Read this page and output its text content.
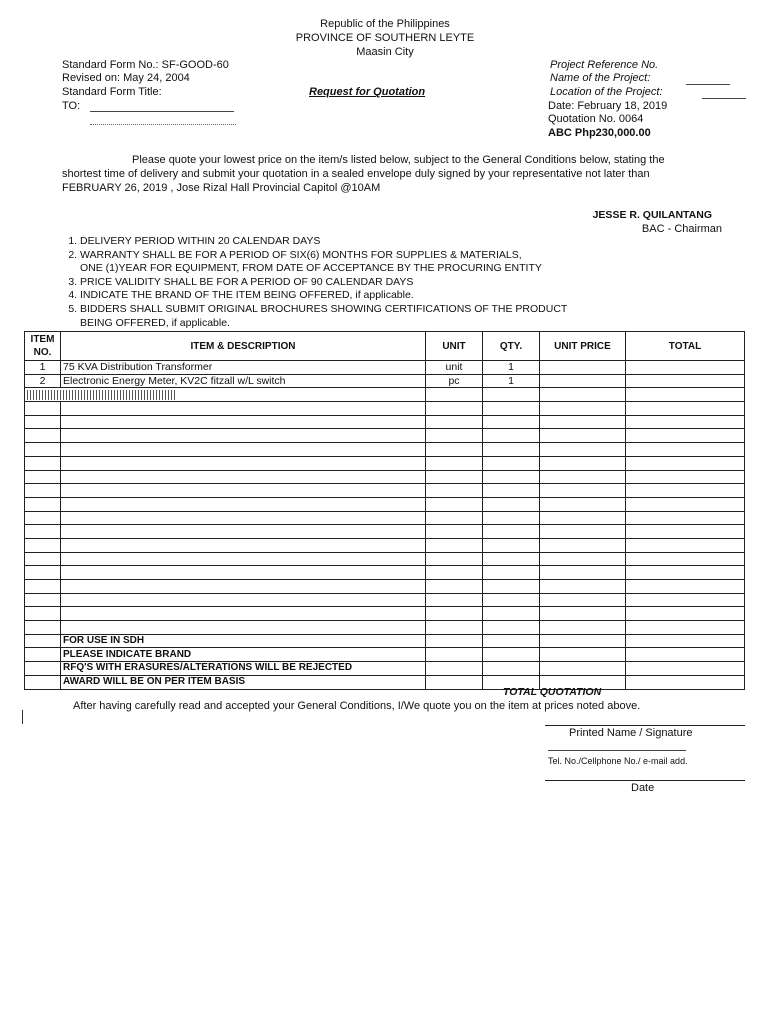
Republic of the Philippines
PROVINCE OF SOUTHERN LEYTE
Maasin City
Standard Form No.: SF-GOOD-60
Revised on: May 24, 2004
Standard Form Title:	Request for Quotation
TO:
Project Reference No.
Name of the Project:
Location of the Project:
Date: February 18, 2019
Quotation No. 0064
ABC Php230,000.00
Please quote your lowest price on the item/s listed below, subject to the General Conditions below, stating the shortest time of delivery and submit your quotation in a sealed envelope duly signed by your representative not later than FEBRUARY 26, 2019 , Jose Rizal Hall Provincial Capitol @10AM
JESSE R. QUILANTANG
BAC - Chairman
1. DELIVERY PERIOD WITHIN 20 CALENDAR DAYS
2. WARRANTY SHALL BE FOR A PERIOD OF SIX(6) MONTHS FOR SUPPLIES & MATERIALS,
ONE (1)YEAR FOR EQUIPMENT, FROM DATE OF ACCEPTANCE BY THE PROCURING ENTITY
3. PRICE VALIDITY SHALL BE FOR A PERIOD OF 90 CALENDAR DAYS
4. INDICATE THE BRAND OF THE ITEM BEING OFFERED, if applicable.
5. BIDDERS SHALL SUBMIT ORIGINAL BROCHURES SHOWING CERTIFICATIONS OF THE PRODUCT
BEING OFFERED, if applicable.
ITEM NO.	ITEM & DESCRIPTION	UNIT	QTY.	UNIT PRICE	TOTAL
1	75 KVA Distribution Transformer	unit	1		
2	Electronic Energy Meter, KV2C fitzall w/L switch	pc	1		

	FOR USE IN SDH				
	PLEASE INDICATE BRAND				
	RFQ'S WITH ERASURES/ALTERATIONS WILL BE REJECTED				
	AWARD WILL BE ON PER ITEM BASIS				
TOTAL QUOTATION
After having carefully read and accepted your General Conditions, I/We quote you on the item at prices noted above.
Printed Name / Signature
Tel. No./Cellphone No./ e-mail add.
Date
